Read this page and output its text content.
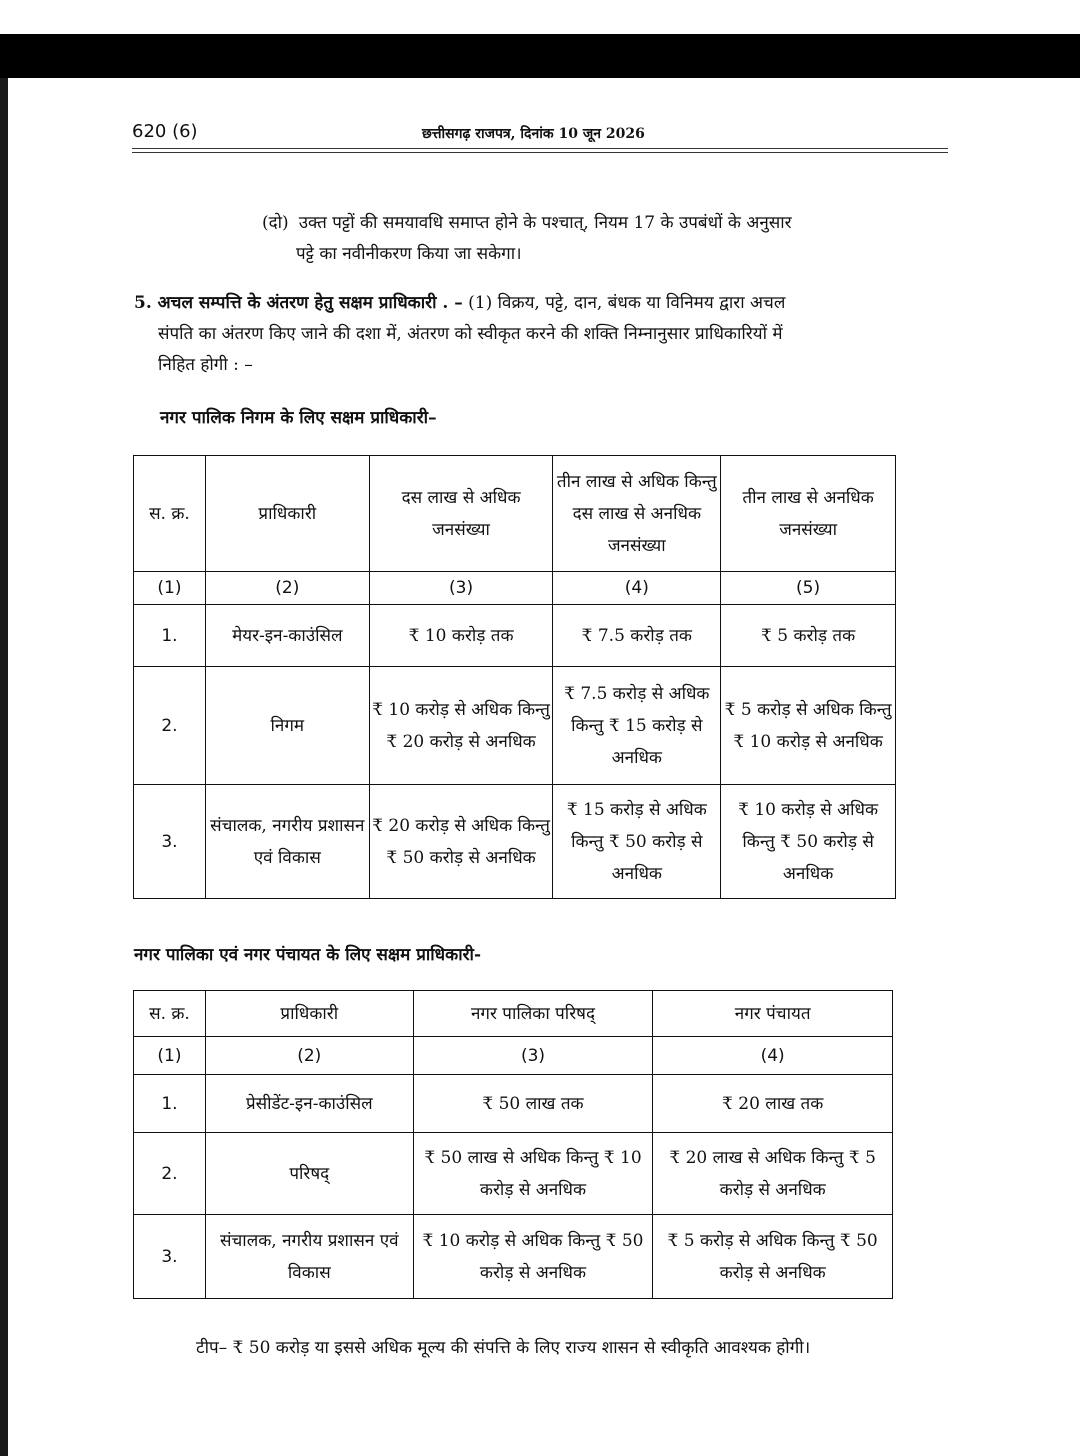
620 (6)	छत्तीसगढ़ राजपत्र, दिनांक 10 जून 2026
(दो) उक्त पट्टों की समयावधि समाप्त होने के पश्चात्, नियम 17 के उपबंधों के अनुसार
पट्टे का नवीनीकरण किया जा सकेगा।
5. अचल सम्पत्ति के अंतरण हेतु सक्षम प्राधिकारी . – (1) विक्रय, पट्टे, दान, बंधक या विनिमय द्वारा अचल
संपति का अंतरण किए जाने की दशा में, अंतरण को स्वीकृत करने की शक्ति निम्नानुसार प्राधिकारियों में
निहित होगी : –
नगर पालिक निगम के लिए सक्षम प्राधिकारी–
स. क्र.	प्राधिकारी	दस लाख से अधिक जनसंख्या	तीन लाख से अधिक किन्तु दस लाख से अनधिक जनसंख्या	तीन लाख से अनधिक जनसंख्या
(1)	(2)	(3)	(4)	(5)
1.	मेयर-इन-काउंसिल	₹ 10 करोड़ तक	₹ 7.5 करोड़ तक	₹ 5 करोड़ तक
2.	निगम	₹ 10 करोड़ से अधिक किन्तु ₹ 20 करोड़ से अनधिक	₹ 7.5 करोड़ से अधिक किन्तु ₹ 15 करोड़ से अनधिक	₹ 5 करोड़ से अधिक किन्तु ₹ 10 करोड़ से अनधिक
3.	संचालक, नगरीय प्रशासन एवं विकास	₹ 20 करोड़ से अधिक किन्तु ₹ 50 करोड़ से अनधिक	₹ 15 करोड़ से अधिक किन्तु ₹ 50 करोड़ से अनधिक	₹ 10 करोड़ से अधिक किन्तु ₹ 50 करोड़ से अनधिक
नगर पालिका एवं नगर पंचायत के लिए सक्षम प्राधिकारी-
स. क्र.	प्राधिकारी	नगर पालिका परिषद्	नगर पंचायत
(1)	(2)	(3)	(4)
1.	प्रेसीडेंट-इन-काउंसिल	₹ 50 लाख तक	₹ 20 लाख तक
2.	परिषद्	₹ 50 लाख से अधिक किन्तु ₹ 10 करोड़ से अनधिक	₹ 20 लाख से अधिक किन्तु ₹ 5 करोड़ से अनधिक
3.	संचालक, नगरीय प्रशासन एवं विकास	₹ 10 करोड़ से अधिक किन्तु ₹ 50 करोड़ से अनधिक	₹ 5 करोड़ से अधिक किन्तु ₹ 50 करोड़ से अनधिक
टीप– ₹ 50 करोड़ या इससे अधिक मूल्य की संपत्ति के लिए राज्य शासन से स्वीकृति आवश्यक होगी।
